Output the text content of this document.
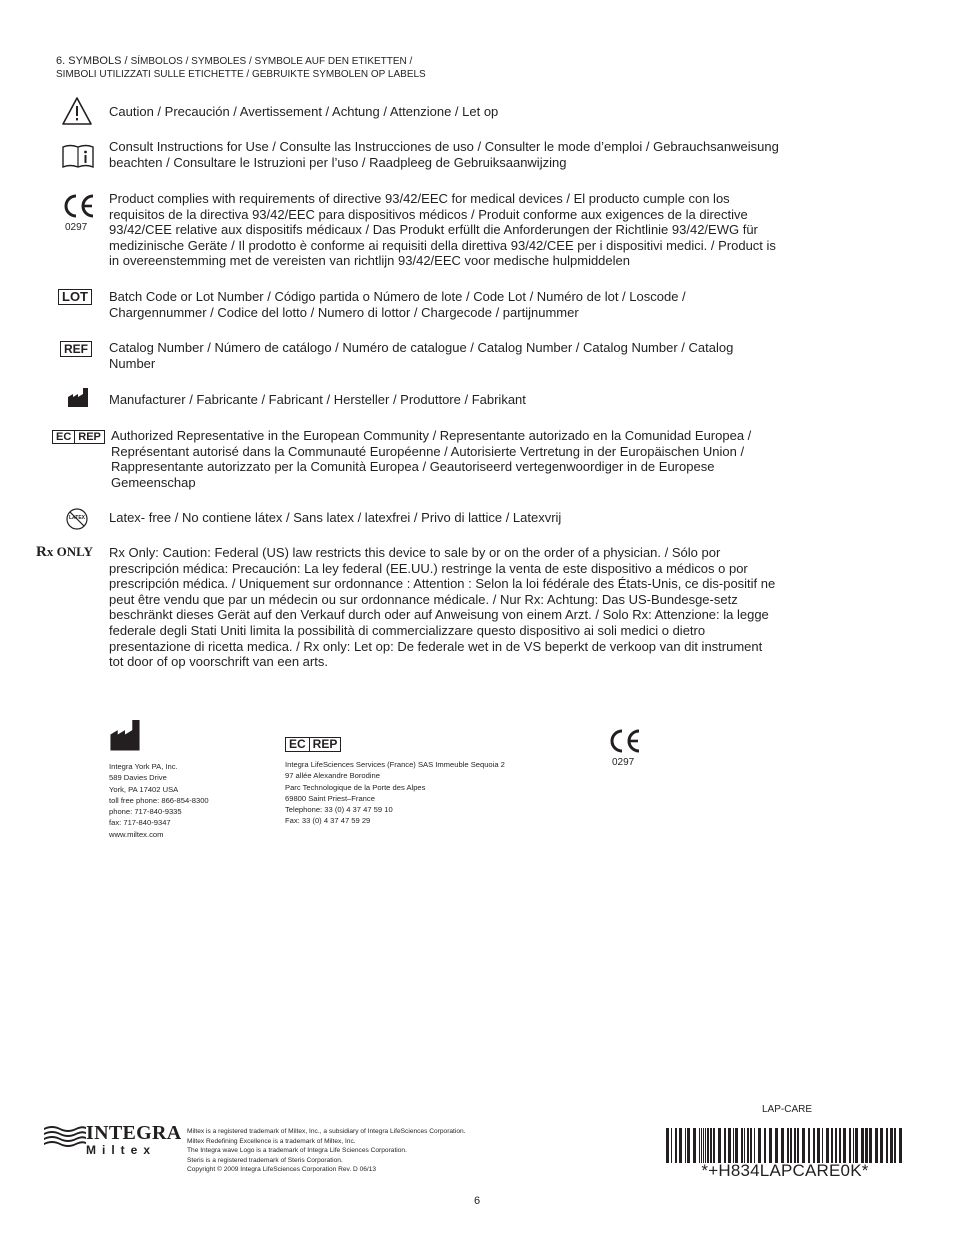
6. SYMBOLS / SÍMBOLOS / SYMBOLES / SYMBOLE AUF DEN ETIKETTEN /
SIMBOLI UTILIZZATI SULLE ETICHETTE / GEBRUIKTE SYMBOLEN OP LABELS
Caution / Precaución / Avertissement / Achtung / Attenzione / Let op
Consult Instructions for Use / Consulte las Instrucciones de uso / Consulter le mode d’emploi / Gebrauchsanweisung beachten / Consultare le Istruzioni per l’uso / Raadpleeg de Gebruiksaanwijzing
0297
Product complies with requirements of directive 93/42/EEC for medical devices / El producto cumple con los requisitos de la directiva 93/42/EEC para dispositivos médicos / Produit conforme aux exigences de la directive 93/42/CEE relative aux dispositifs médicaux / Das Produkt erfüllt die Anforderungen der Richtlinie 93/42/EWG für medizinische Geräte / Il prodotto è conforme ai requisiti della direttiva 93/42/CEE per i dispositivi medici. / Product is in overeenstemming met de vereisten van richtlijn 93/42/EEC voor medische hulpmiddelen
LOT	Batch Code or Lot Number / Código partida o Número de lote / Code Lot / Numéro de lot / Loscode / Chargennummer / Codice del lotto / Numero di lottor / Chargecode / partijnummer
REF	Catalog Number / Número de catálogo / Numéro de catalogue / Catalog Number / Catalog Number / Catalog Number
Manufacturer / Fabricante / Fabricant / Hersteller / Produttore / Fabrikant
EC REP Authorized Representative in the European Community / Representante autorizado en la Comunidad Europea / Représentant autorisé dans la Communauté Européenne / Autorisierte Vertretung in der Europäischen Union / Rappresentante autorizzato per la Comunità Europea / Geautoriseerd vertegenwoordiger in de Europese Gemeenschap
LATEX Latex- free / No contiene látex / Sans latex / latexfrei / Privo di lattice / Latexvrij
Rx ONLY Rx Only: Caution: Federal (US) law restricts this device to sale by or on the order of a physician. / Sólo por prescripción médica: Precaución: La ley federal (EE.UU.) restringe la venta de este dispositivo a médicos o por prescripción médica. / Uniquement sur ordonnance : Attention : Selon la loi fédérale des États-Unis, ce dis-positif ne peut être vendu que par un médecin ou sur ordonnance médicale. / Nur Rx: Achtung: Das US-Bundesge-setz beschränkt dieses Gerät auf den Verkauf durch oder auf Anweisung von einem Arzt. / Solo Rx: Attenzione: la legge federale degli Stati Uniti limita la possibilità di commercializzare questo dispositivo ai soli medici o dietro presentazione di ricetta medica. / Rx only: Let op: De federale wet in de VS beperkt de verkoop van dit instrument tot door of op voorschrift van een arts.
Integra York PA, Inc.
589 Davies Drive
York, PA 17402 USA
toll free phone: 866-854-8300
phone: 717-840-9335
fax: 717-840-9347
www.miltex.com
EC REP
Integra LifeSciences Services (France) SAS Immeuble Sequoia 2
97 allée Alexandre Borodine
Parc Technologique de la Porte des Alpes
69800 Saint Priest–France
Telephone: 33 (0) 4 37 47 59 10
Fax: 33 (0) 4 37 47 59 29
0297
INTEGRA
Miltex
Miltex is a registered trademark of Miltex, Inc., a subsidiary of Integra LifeSciences Corporation.
Miltex Redefining Excellence is a trademark of Miltex, Inc.
The Integra wave Logo is a trademark of Integra Life Sciences Corporation.
Steris is a registered trademark of Steris Corporation.
Copyright © 2009 Integra LifeSciences Corporation Rev. D 06/13
LAP-CARE
*+H834LAPCARE0K*
6
